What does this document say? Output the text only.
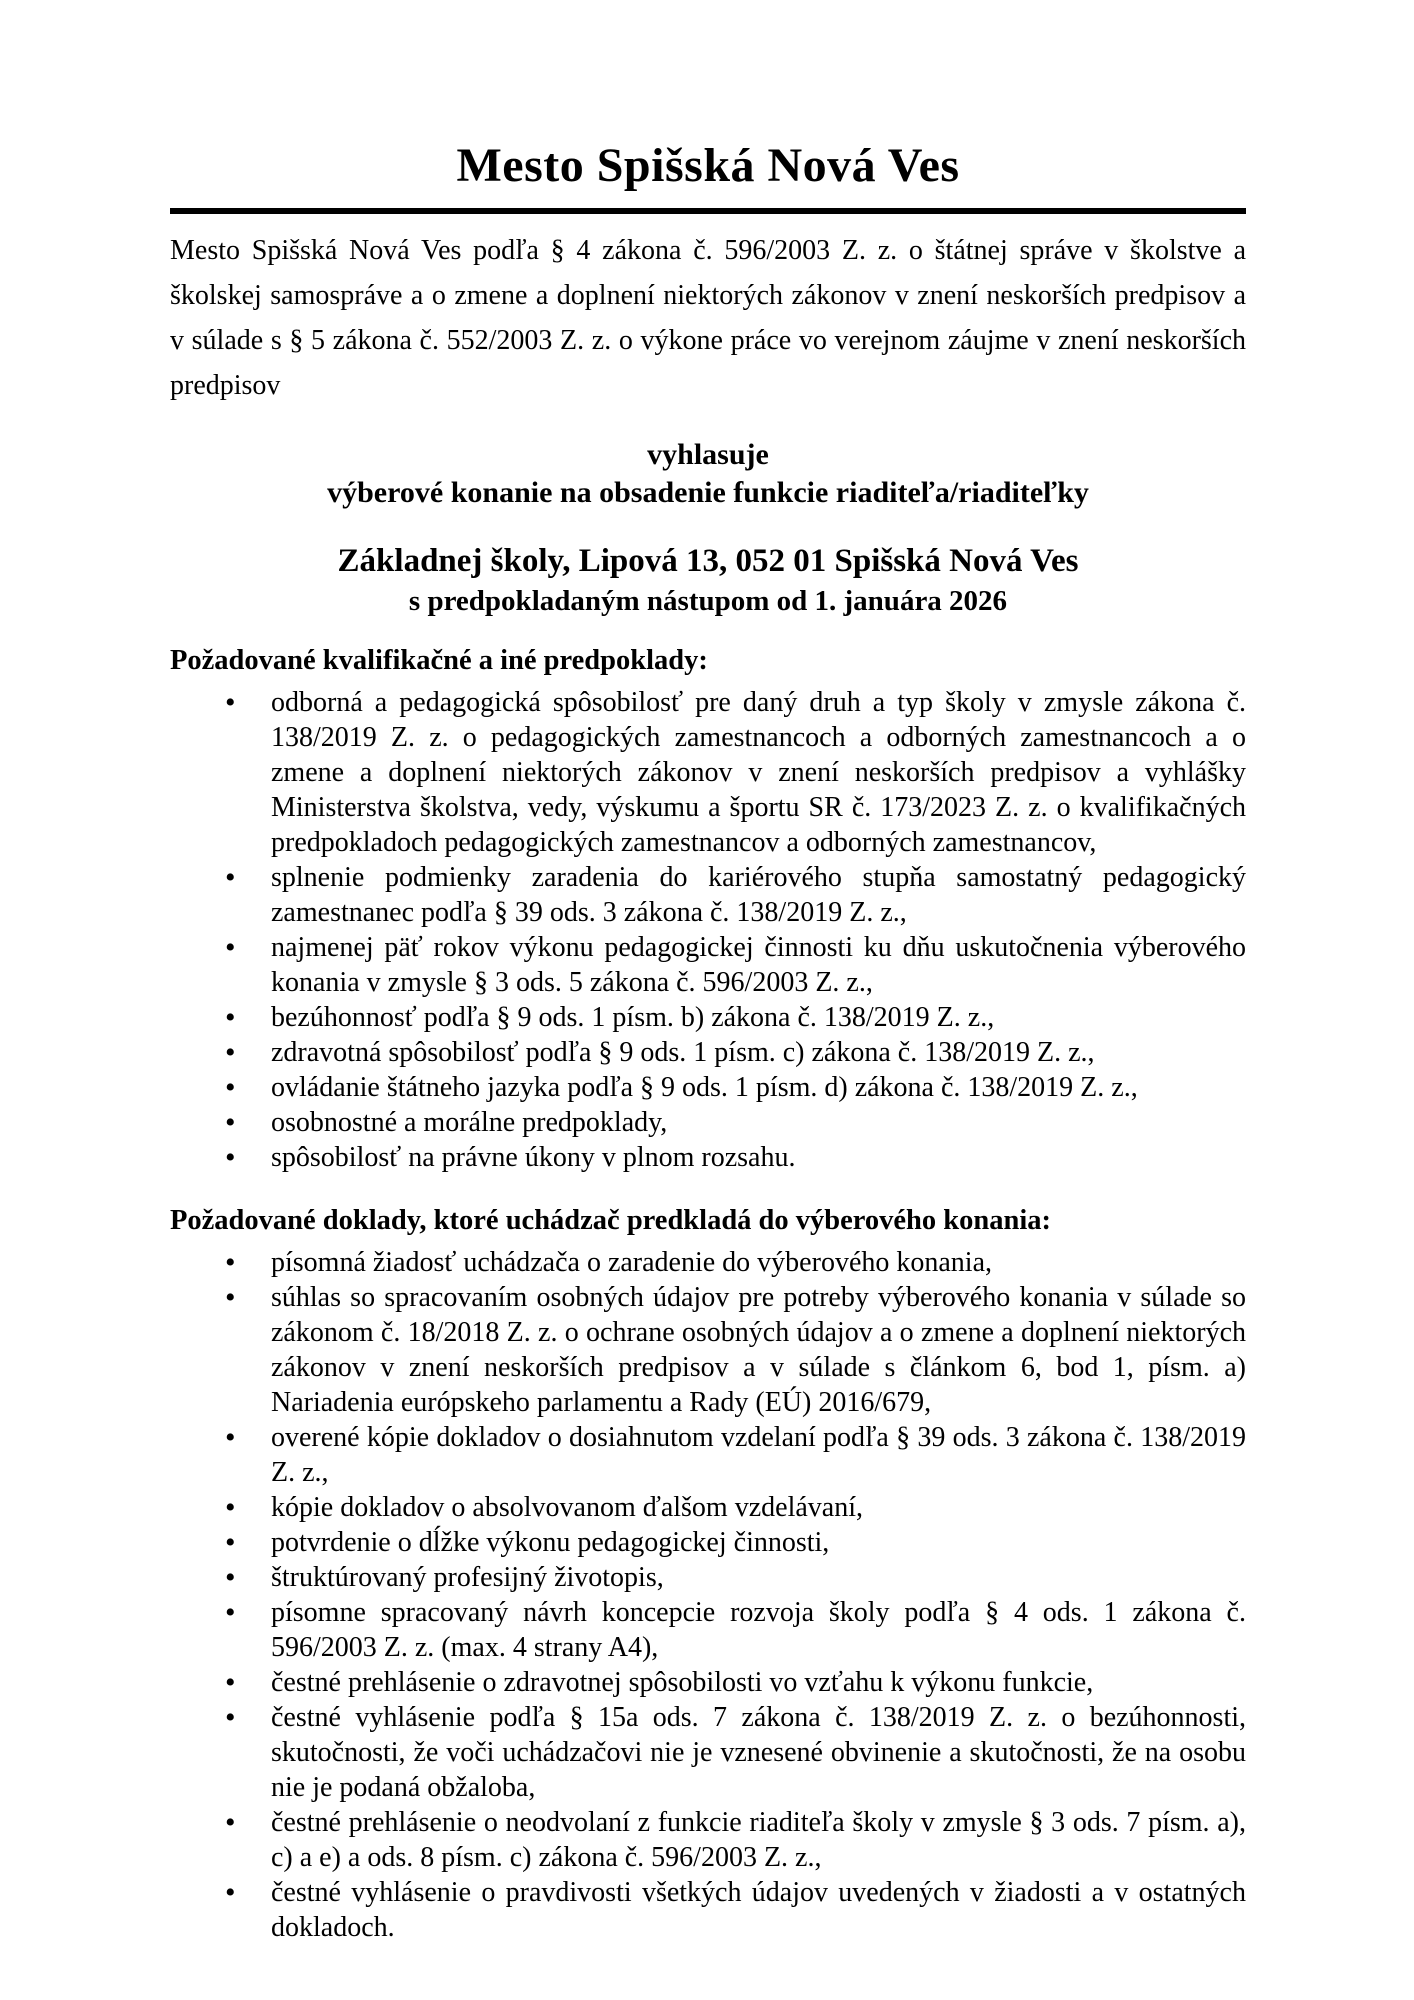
Mesto Spišská Nová Ves

Mesto Spišská Nová Ves podľa § 4 zákona č. 596/2003 Z. z. o štátnej správe v školstve a školskej samospráve a o zmene a doplnení niektorých zákonov v znení neskorších predpisov a v súlade s § 5 zákona č. 552/2003 Z. z. o výkone práce vo verejnom záujme v znení neskorších predpisov

vyhlasuje
výberové konanie na obsadenie funkcie riaditeľa/riaditeľky
Základnej školy, Lipová 13, 052 01 Spišská Nová Ves
s predpokladaným nástupom od 1. januára 2026
Požadované kvalifikačné a iné predpoklady:
• odborná a pedagogická spôsobilosť pre daný druh a typ školy v zmysle zákona č. 138/2019 Z. z. o pedagogických zamestnancoch a odborných zamestnancoch a o zmene a doplnení niektorých zákonov v znení neskorších predpisov a vyhlášky Ministerstva školstva, vedy, výskumu a športu SR č. 173/2023 Z. z. o kvalifikačných predpokladoch pedagogických zamestnancov a odborných zamestnancov,
• splnenie podmienky zaradenia do kariérového stupňa samostatný pedagogický zamestnanec podľa § 39 ods. 3 zákona č. 138/2019 Z. z.,
• najmenej päť rokov výkonu pedagogickej činnosti ku dňu uskutočnenia výberového konania v zmysle § 3 ods. 5 zákona č. 596/2003 Z. z.,
• bezúhonnosť podľa § 9 ods. 1 písm. b) zákona č. 138/2019 Z. z.,
• zdravotná spôsobilosť podľa § 9 ods. 1 písm. c) zákona č. 138/2019 Z. z.,
• ovládanie štátneho jazyka podľa § 9 ods. 1 písm. d) zákona č. 138/2019 Z. z.,
• osobnostné a morálne predpoklady,
• spôsobilosť na právne úkony v plnom rozsahu.
Požadované doklady, ktoré uchádzač predkladá do výberového konania:
• písomná žiadosť uchádzača o zaradenie do výberového konania,
• súhlas so spracovaním osobných údajov pre potreby výberového konania v súlade so zákonom č. 18/2018 Z. z. o ochrane osobných údajov a o zmene a doplnení niektorých zákonov v znení neskorších predpisov a v súlade s článkom 6, bod 1, písm. a) Nariadenia európskeho parlamentu a Rady (EÚ) 2016/679,
• overené kópie dokladov o dosiahnutom vzdelaní podľa § 39 ods. 3 zákona č. 138/2019 Z. z.,
• kópie dokladov o absolvovanom ďalšom vzdelávaní,
• potvrdenie o dĺžke výkonu pedagogickej činnosti,
• štruktúrovaný profesijný životopis,
• písomne spracovaný návrh koncepcie rozvoja školy podľa § 4 ods. 1 zákona č. 596/2003 Z. z. (max. 4 strany A4),
• čestné prehlásenie o zdravotnej spôsobilosti vo vzťahu k výkonu funkcie,
• čestné vyhlásenie podľa § 15a ods. 7 zákona č. 138/2019 Z. z. o bezúhonnosti, skutočnosti, že voči uchádzačovi nie je vznesené obvinenie a skutočnosti, že na osobu nie je podaná obžaloba,
• čestné prehlásenie o neodvolaní z funkcie riaditeľa školy v zmysle § 3 ods. 7 písm. a), c) a e) a ods. 8 písm. c) zákona č. 596/2003 Z. z.,
• čestné vyhlásenie o pravdivosti všetkých údajov uvedených v žiadosti a v ostatných dokladoch.
